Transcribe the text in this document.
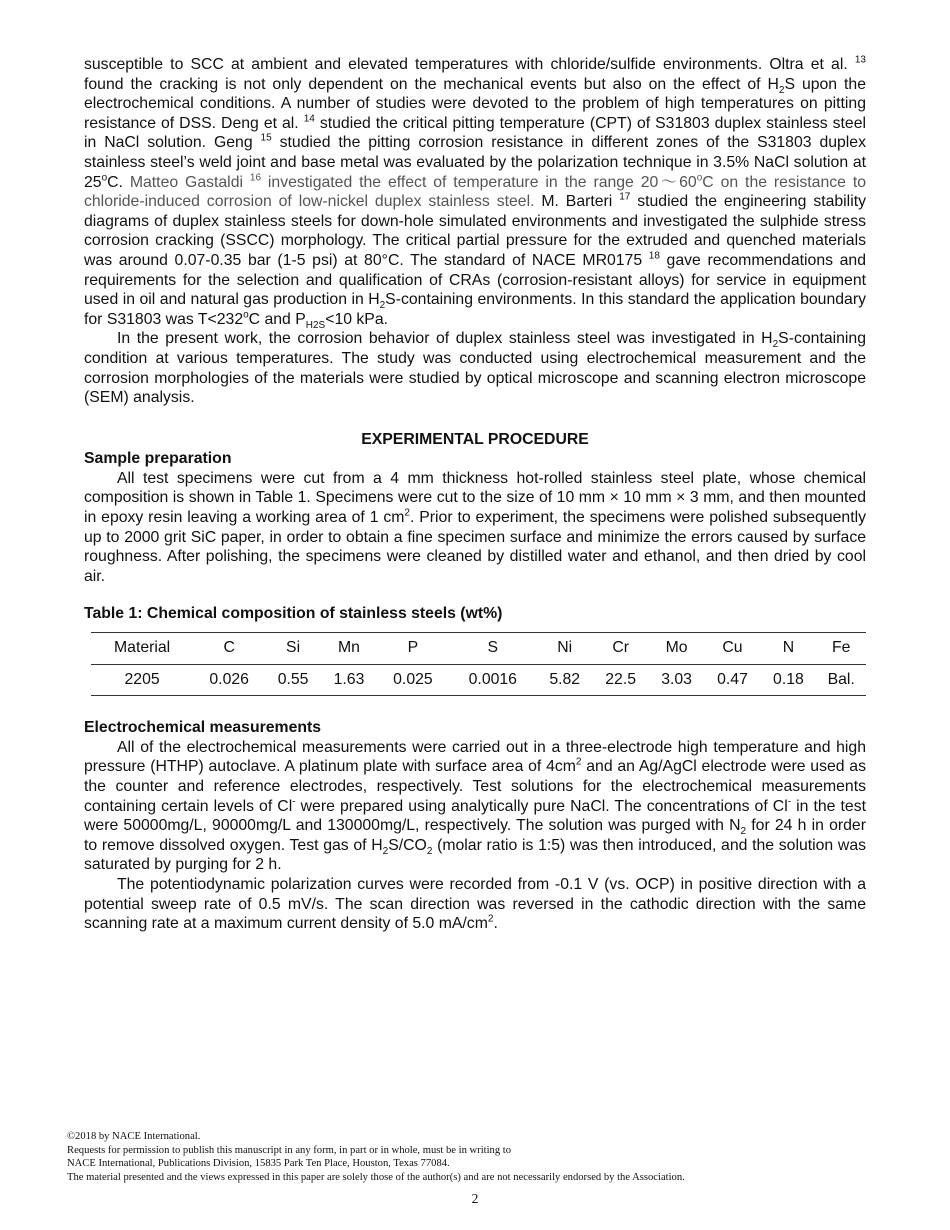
susceptible to SCC at ambient and elevated temperatures with chloride/sulfide environments. Oltra et al. $^{13}$ found the cracking is not only dependent on the mechanical events but also on the effect of $H_2S$ upon the electrochemical conditions. A number of studies were devoted to the problem of high temperatures on pitting resistance of DSS. Deng et al. $^{14}$ studied the critical pitting temperature (CPT) of S31803 duplex stainless steel in NaCl solution. Geng $^{15}$ studied the pitting corrosion resistance in different zones of the S31803 duplex stainless steel’s weld joint and base metal was evaluated by the polarization technique in 3.5% NaCl solution at 25$^o$C. Matteo Gastaldi $^{16}$ investigated the effect of temperature in the range 20～60$^o$C on the resistance to chloride-induced corrosion of low-nickel duplex stainless steel. M. Barteri $^{17}$ studied the engineering stability diagrams of duplex stainless steels for down-hole simulated environments and investigated the sulphide stress corrosion cracking (SSCC) morphology. The critical partial pressure for the extruded and quenched materials was around 0.07-0.35 bar (1-5 psi) at 80°C. The standard of NACE MR0175 $^{18}$ gave recommendations and requirements for the selection and qualification of CRAs (corrosion-resistant alloys) for service in equipment used in oil and natural gas production in $H_2S$-containing environments. In this standard the application boundary for S31803 was $T<232^oC$ and $P_{H2S}<10$ kPa.

In the present work, the corrosion behavior of duplex stainless steel was investigated in $H_2S$-containing condition at various temperatures. The study was conducted using electrochemical measurement and the corrosion morphologies of the materials were studied by optical microscope and scanning electron microscope (SEM) analysis.

EXPERIMENTAL PROCEDURE
Sample preparation

All test specimens were cut from a 4 mm thickness hot-rolled stainless steel plate, whose chemical composition is shown in Table 1. Specimens were cut to the size of 10 mm × 10 mm × 3 mm, and then mounted in epoxy resin leaving a working area of 1 $cm^2$. Prior to experiment, the specimens were polished subsequently up to 2000 grit SiC paper, in order to obtain a fine specimen surface and minimize the errors caused by surface roughness. After polishing, the specimens were cleaned by distilled water and ethanol, and then dried by cool air.

Table 1: Chemical composition of stainless steels (wt%)
Material	C	Si	Mn	P	S	Ni	Cr	Mo	Cu	N	Fe
2205	0.026	0.55	1.63	0.025	0.0016	5.82	22.5	3.03	0.47	0.18	Bal.
Electrochemical measurements

All of the electrochemical measurements were carried out in a three-electrode high temperature and high pressure (HTHP) autoclave. A platinum plate with surface area of $4cm^2$ and an Ag/AgCl electrode were used as the counter and reference electrodes, respectively. Test solutions for the electrochemical measurements containing certain levels of Cl- were prepared using analytically pure NaCl. The concentrations of Cl- in the test were 50000mg/L, 90000mg/L and 130000mg/L, respectively. The solution was purged with $N_2$ for 24 h in order to remove dissolved oxygen. Test gas of $H_2S/CO_2$ (molar ratio is 1:5) was then introduced, and the solution was saturated by purging for 2 h.

The potentiodynamic polarization curves were recorded from -0.1 V (vs. OCP) in positive direction with a potential sweep rate of 0.5 mV/s. The scan direction was reversed in the cathodic direction with the same scanning rate at a maximum current density of 5.0 $mA/cm^2$.

©2018 by NACE International.
Requests for permission to publish this manuscript in any form, in part or in whole, must be in writing to
NACE International, Publications Division, 15835 Park Ten Place, Houston, Texas 77084.
The material presented and the views expressed in this paper are solely those of the author(s) and are not necessarily endorsed by the Association.
2
